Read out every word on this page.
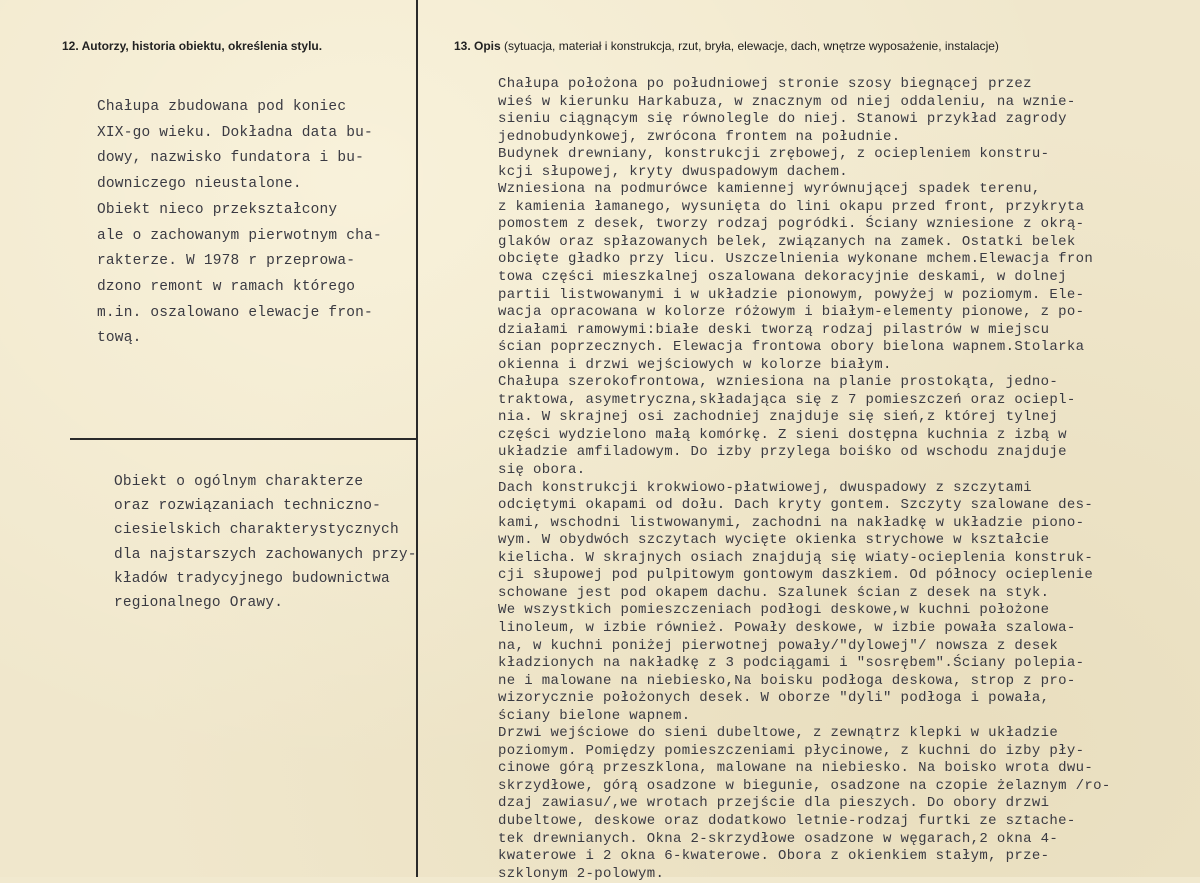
12. Autorzy, historia obiektu, określenia stylu.	13. Opis (sytuacja, materiał i konstrukcja, rzut, bryła, elewacje, dach, wnętrze wyposażenie, instalacje)
Chałupa zbudowana pod koniec
XIX-go wieku. Dokładna data bu-
dowy, nazwisko fundatora i bu-
downiczego nieustalone.
Obiekt nieco przekształcony
ale o zachowanym pierwotnym cha-
rakterze. W 1978 r przeprowa-
dzono remont w ramach którego
m.in. oszalowano elewacje fron-
tową.
Obiekt o ogólnym charakterze
oraz rozwiązaniach techniczno-
ciesielskich charakterystycznych
dla najstarszych zachowanych przy-
kładów tradycyjnego budownictwa
regionalnego Orawy.
Chałupa położona po południowej stronie szosy biegnącej przez
wieś w kierunku Harkabuza, w znacznym od niej oddaleniu, na wznie-
sieniu ciągnącym się równolegle do niej. Stanowi przykład zagrody
jednobudynkowej, zwrócona frontem na południe.
Budynek drewniany, konstrukcji zrębowej, z ociepleniem konstru-
kcji słupowej, kryty dwuspadowym dachem.
Wzniesiona na podmurówce kamiennej wyrównującej spadek terenu,
z kamienia łamanego, wysunięta do lini okapu przed front, przykryta
pomostem z desek, tworzy rodzaj pogródki. Ściany wzniesione z okrą-
glaków oraz spłazowanych belek, związanych na zamek. Ostatki belek
obcięte gładko przy licu. Uszczelnienia wykonane mchem.Elewacja fron
towa części mieszkalnej oszalowana dekoracyjnie deskami, w dolnej
partii listwowanymi i w układzie pionowym, powyżej w poziomym. Ele-
wacja opracowana w kolorze różowym i białym-elementy pionowe, z po-
działami ramowymi:białe deski tworzą rodzaj pilastrów w miejscu
ścian poprzecznych. Elewacja frontowa obory bielona wapnem.Stolarka
okienna i drzwi wejściowych w kolorze białym.
Chałupa szerokofrontowa, wzniesiona na planie prostokąta, jedno-
traktowa, asymetryczna,składająca się z 7 pomieszczeń oraz ociepl-
nia. W skrajnej osi zachodniej znajduje się sień,z której tylnej
części wydzielono małą komórkę. Z sieni dostępna kuchnia z izbą w
układzie amfiladowym. Do izby przylega boiśko od wschodu znajduje
się obora.
Dach konstrukcji krokwiowo-płatwiowej, dwuspadowy z szczytami
odciętymi okapami od dołu. Dach kryty gontem. Szczyty szalowane des-
kami, wschodni listwowanymi, zachodni na nakładkę w układzie piono-
wym. W obydwóch szczytach wycięte okienka strychowe w kształcie
kielicha. W skrajnych osiach znajdują się wiaty-ocieplenia konstruk-
cji słupowej pod pulpitowym gontowym daszkiem. Od północy ocieplenie
schowane jest pod okapem dachu. Szalunek ścian z desek na styk.
We wszystkich pomieszczeniach podłogi deskowe,w kuchni położone
linoleum, w izbie również. Powały deskowe, w izbie powała szalowa-
na, w kuchni poniżej pierwotnej powały/"dylowej"/ nowsza z desek
kładzionych na nakładkę z 3 podciągami i "sosrębem".Ściany polepia-
ne i malowane na niebiesko,Na boisku podłoga deskowa, strop z pro-
wizorycznie położonych desek. W oborze "dyli" podłoga i powała,
ściany bielone wapnem.
Drzwi wejściowe do sieni dubeltowe, z zewnątrz klepki w układzie
poziomym. Pomiędzy pomieszczeniami płycinowe, z kuchni do izby pły-
cinowe górą przeszklona, malowane na niebiesko. Na boisko wrota dwu-
skrzydłowe, górą osadzone w biegunie, osadzone na czopie żelaznym /ro-
dzaj zawiasu/,we wrotach przejście dla pieszych. Do obory drzwi
dubeltowe, deskowe oraz dodatkowo letnie-rodzaj furtki ze sztache-
tek drewnianych. Okna 2-skrzydłowe osadzone w węgarach,2 okna 4-
kwaterowe i 2 okna 6-kwaterowe. Obora z okienkiem stałym, prze-
szklonym 2-polowym.
